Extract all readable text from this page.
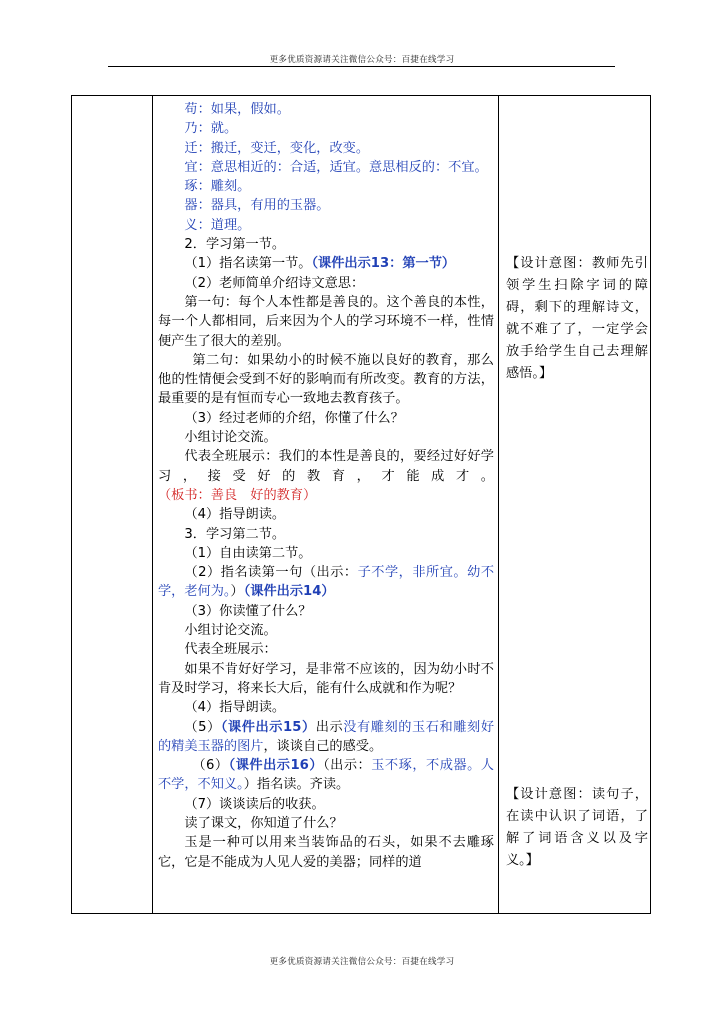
更多优质资源请关注微信公众号：百捷在线学习

苟：如果，假如。

乃：就。

迁：搬迁，变迁，变化，改变。

宜：意思相近的：合适，适宜。意思相反的：不宜。

琢：雕刻。

器：器具，有用的玉器。

义：道理。

2．学习第一节。

（1）指名读第一节。（课件出示13：第一节）

（2）老师简单介绍诗文意思：

第一句：每个人本性都是善良的。这个善良的本性，每一个人都相同，后来因为个人的学习环境不一样，性情便产生了很大的差别。

第二句：如果幼小的时候不施以良好的教育，那么他的性情便会受到不好的影响而有所改变。教育的方法，最重要的是有恒而专心一致地去教育孩子。

（3）经过老师的介绍，你懂了什么？

小组讨论交流。

代表全班展示：我们的本性是善良的，要经过好好学习，接受好的教育，才能成才。（板书：善良　好的教育）

（4）指导朗读。

3．学习第二节。

（1）自由读第二节。

（2）指名读第一句（出示：子不学，非所宜。幼不学，老何为。）（课件出示14）

（3）你读懂了什么？

小组讨论交流。

代表全班展示：

如果不肯好好学习，是非常不应该的，因为幼小时不肯及时学习，将来长大后，能有什么成就和作为呢？

（4）指导朗读。

（5）（课件出示15）出示没有雕刻的玉石和雕刻好的精美玉器的图片，谈谈自己的感受。

（6）（课件出示16）（出示：玉不琢，不成器。人不学，不知义。）指名读。齐读。

（7）谈谈读后的收获。

读了课文，你知道了什么？

玉是一种可以用来当装饰品的石头，如果不去雕琢它，它是不能成为人见人爱的美器；同样的道

【设计意图：教师先引领学生扫除字词的障碍，剩下的理解诗文，就不难了了，一定学会放手给学生自己去理解感悟。】
【设计意图：读句子，在读中认识了词语，了解了词语含义以及字义。】
更多优质资源请关注微信公众号：百捷在线学习
